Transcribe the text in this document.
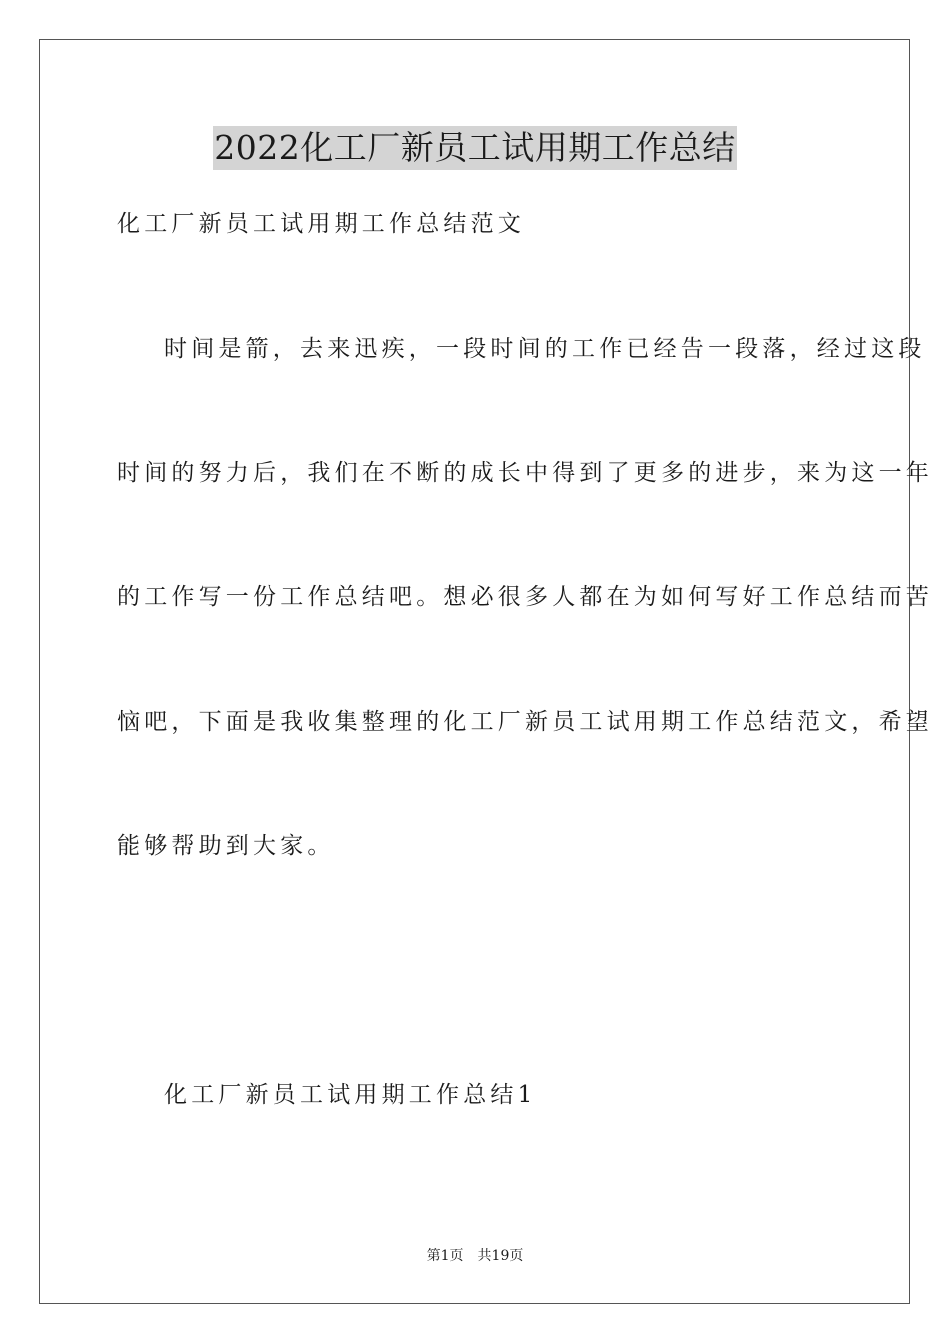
2022化工厂新员工试用期工作总结
化工厂新员工试用期工作总结范文
时间是箭，去来迅疾，一段时间的工作已经告一段落，经过这段
时间的努力后，我们在不断的成长中得到了更多的进步，来为这一年
的工作写一份工作总结吧。想必很多人都在为如何写好工作总结而苦
恼吧，下面是我收集整理的化工厂新员工试用期工作总结范文，希望
能够帮助到大家。
化工厂新员工试用期工作总结1
第1页 共19页
